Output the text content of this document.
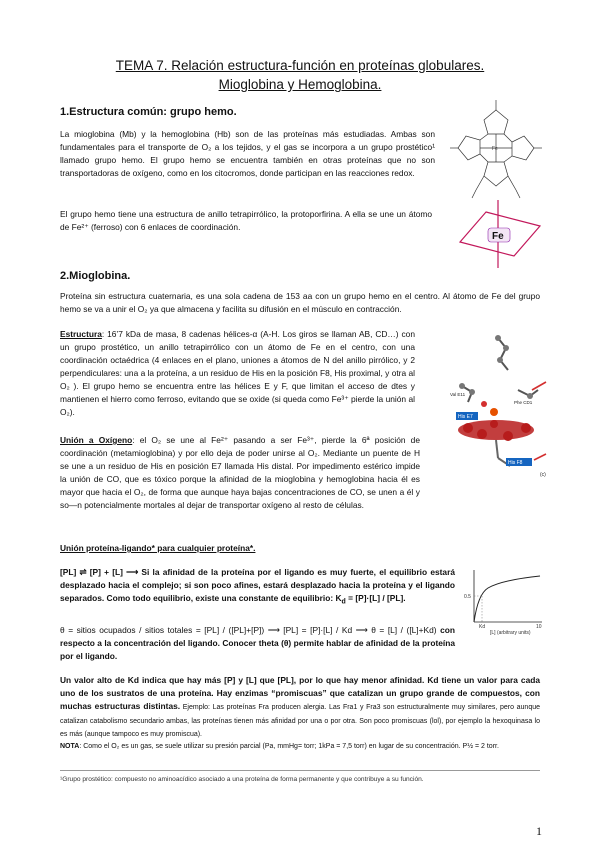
TEMA 7. Relación estructura-función en proteínas globulares.
Mioglobina y Hemoglobina.
1.Estructura común: grupo hemo.
La mioglobina (Mb) y la hemoglobina (Hb) son de las proteínas más estudiadas. Ambas son fundamentales para el transporte de O₂ a los tejidos, y el gas se incorpora a un grupo prostético¹ llamado grupo hemo. El grupo hemo se encuentra también en otras proteínas que no son transportadoras de oxígeno, como en los citocromos, donde participan en las reacciones redox.
El grupo hemo tiene una estructura de anillo tetrapirrólico, la protoporfirina. A ella se une un átomo de Fe²⁺ (ferroso) con 6 enlaces de coordinación.
Fe
Fe
2.Mioglobina.
Proteína sin estructura cuaternaria, es una sola cadena de 153 aa con un grupo hemo en el centro. Al átomo de Fe del grupo hemo se va a unir el O₂ ya que almacena y facilita su difusión en el músculo en contracción.
Estructura: 16’7 kDa de masa, 8 cadenas hélices-α (A-H. Los giros se llaman AB, CD…) con un grupo prostético, un anillo tetrapirrólico con un átomo de Fe en el centro, con una coordinación octaédrica (4 enlaces en el plano, uniones a átomos de N del anillo pirrólico, y 2 perpendiculares: una a la proteína, a un residuo de His en la posición F8, His proximal, y otra al O₂ ). El grupo hemo se encuentra entre las hélices E y F, que limitan el acceso de dtes y mantienen el hierro como ferroso, evitando que se oxide (si queda como Fe³⁺ pierde la unión al O₂).
Unión a Oxígeno: el O₂ se une al Fe²⁺ pasando a ser Fe³⁺, pierde la 6ª posición de coordinación (metamioglobina) y por ello deja de poder unirse al O₂. Mediante un puente de H se une a un residuo de His en posición E7 llamada His distal. Por impedimento estérico impide la unión de CO, que es tóxico porque la afinidad de la mioglobina y hemoglobina hacia él es mayor que hacia el O₂, de forma que aunque haya bajas concentraciones de CO, se unen a él y so—n potencialmente mortales al dejar de transportar oxígeno al resto de células.
His F8
His E7
Val E11
Phe CD1
(c)
Unión proteína-ligando* para cualquier proteína*.
[PL] ⇌ [P] + [L] ⟶ Si la afinidad de la proteína por el ligando es muy fuerte, el equilibrio estará desplazado hacia el complejo; si son poco afines, estará desplazado hacia la proteína y el ligando separados. Como todo equilibrio, existe una constante de equilibrio: $K_d = [P]\cdot[L] / [PL]$.
θ = sitios ocupados / sitios totales = [PL] / ([PL]+[P]) ⟶ [PL] = [P]·[L] / Kd ⟶ θ = [L] / ([L]+Kd) con respecto a la concentración del ligando. Conocer theta (θ) permite hablar de afinidad de la proteína por el ligando.
0.5
Kd	10
[L] (arbitrary units)
Un valor alto de Kd indica que hay más [P] y [L] que [PL], por lo que hay menor afinidad. Kd tiene un valor para cada uno de los sustratos de una proteína. Hay enzimas “promiscuas” que catalizan un grupo grande de compuestos, con muchas estructuras distintas. Ejemplo: Las proteínas Fra producen alergia. Las Fra1 y Fra3 son estructuralmente muy similares, pero aunque catalizan catabolismo secundario ambas, las proteínas tienen más afinidad por una o por otra. Son poco promiscuas (lol), por ejemplo la hexoquinasa lo es más (aunque tampoco es muy promiscua).
NOTA: Como el O₂ es un gas, se suele utilizar su presión parcial (Pa, mmHg= torr; 1kPa = 7,5 torr) en lugar de su concentración. P½ = 2 torr.
¹Grupo prostético: compuesto no aminoacídico asociado a una proteína de forma permanente y que contribuye a su función.
1
